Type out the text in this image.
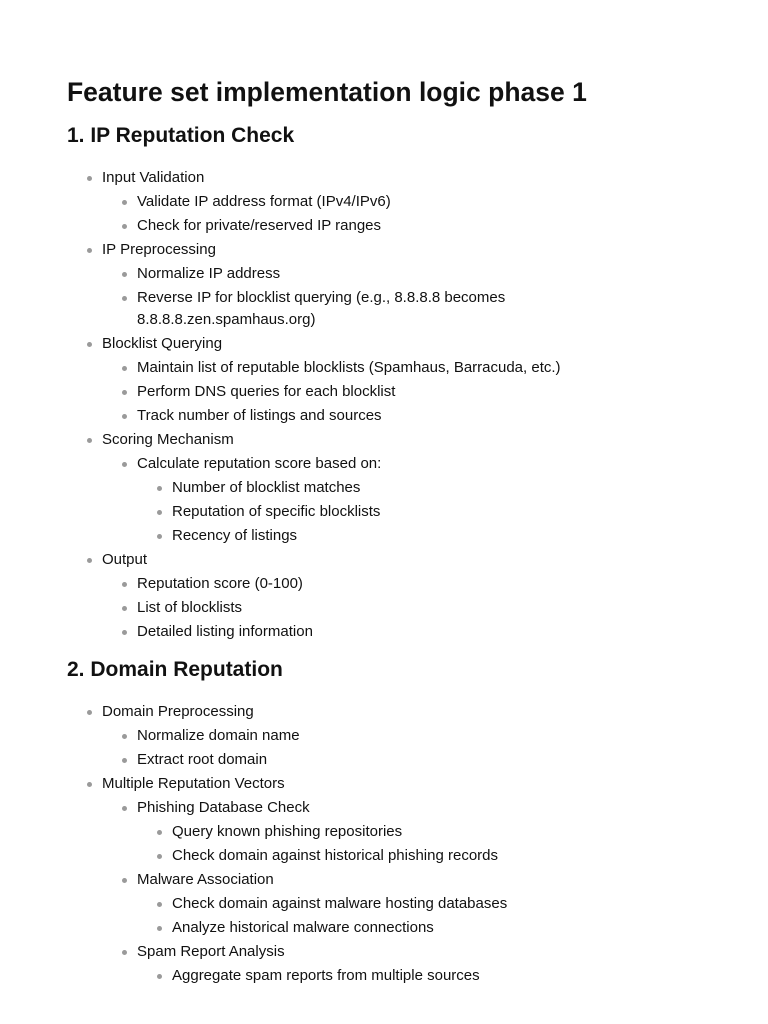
Feature set implementation logic phase 1
1. IP Reputation Check
Input Validation
Validate IP address format (IPv4/IPv6)
Check for private/reserved IP ranges
IP Preprocessing
Normalize IP address
Reverse IP for blocklist querying (e.g., 8.8.8.8 becomes 8.8.8.8.zen.spamhaus.org)
Blocklist Querying
Maintain list of reputable blocklists (Spamhaus, Barracuda, etc.)
Perform DNS queries for each blocklist
Track number of listings and sources
Scoring Mechanism
Calculate reputation score based on:
Number of blocklist matches
Reputation of specific blocklists
Recency of listings
Output
Reputation score (0-100)
List of blocklists
Detailed listing information
2. Domain Reputation
Domain Preprocessing
Normalize domain name
Extract root domain
Multiple Reputation Vectors
Phishing Database Check
Query known phishing repositories
Check domain against historical phishing records
Malware Association
Check domain against malware hosting databases
Analyze historical malware connections
Spam Report Analysis
Aggregate spam reports from multiple sources
